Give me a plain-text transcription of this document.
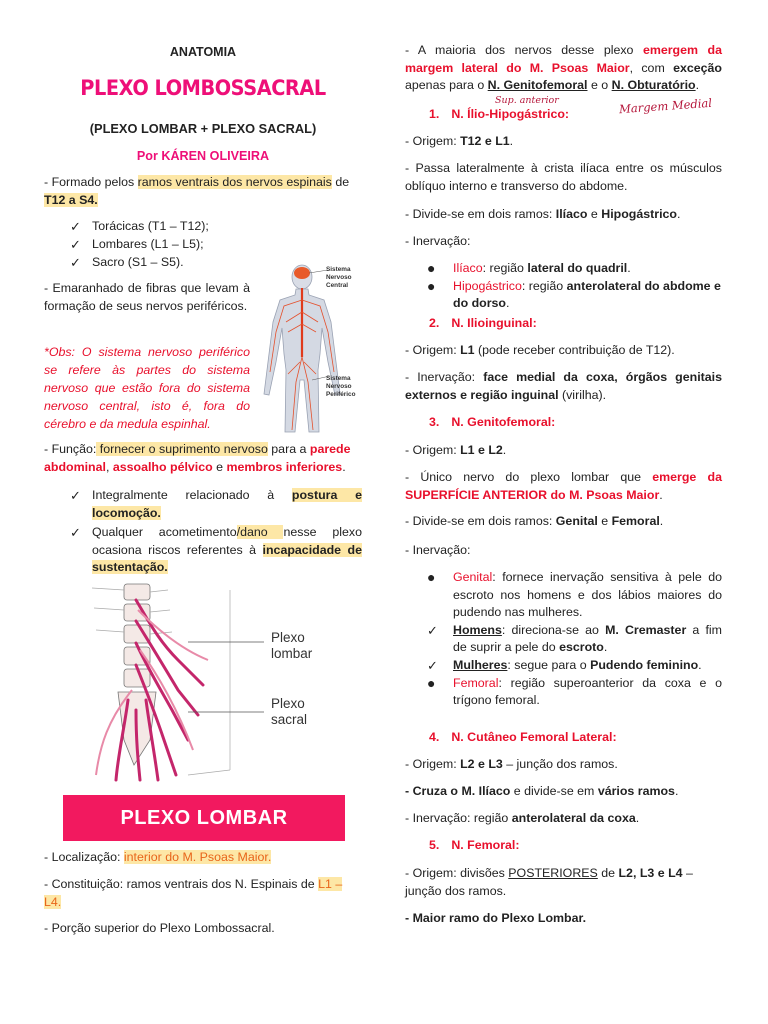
ANATOMIA
PLEXO LOMBOSSACRAL
(PLEXO LOMBAR + PLEXO SACRAL)
Por KÁREN OLIVEIRA
- Formado pelos ramos ventrais dos nervos espinais de
T12 a S4.
✓ Torácicas (T1 – T12);
✓ Lombares (L1 – L5);
✓ Sacro (S1 – S5).

- Emaranhado de fibras que levam à formação de seus nervos periféricos.

*Obs: O sistema nervoso periférico se refere às partes do sistema nervoso que estão fora do sistema nervoso central, isto é, fora do cérebro e da medula espinhal.

Sistema Nervoso Central
Sistema Nervoso Periférico
- Função: fornecer o suprimento nervoso para a parede abdominal, assoalho pélvico e membros inferiores.
✓ Integralmente relacionado à postura e locomoção.
✓ Qualquer acometimento/dano nesse plexo ocasiona riscos referentes à incapacidade de sustentação.
Plexo lombar
Plexo sacral
PLEXO LOMBAR
- Localização: interior do M. Psoas Maior.
- Constituição: ramos ventrais dos N. Espinais de L1 – L4.

- Porção superior do Plexo Lombossacral.

- A maioria dos nervos desse plexo emergem da margem lateral do M. Psoas Maior, com exceção apenas para o N. Genitofemoral e o N. Obturatório.
Sup. anterior	Margem Medial
1. N. Ílio-Hipogástrico:
- Origem: T12 e L1.

- Passa lateralmente à crista ilíaca entre os músculos oblíquo interno e transverso do abdome.

- Divide-se em dois ramos: Ilíaco e Hipogástrico.
- Inervação:
● Ilíaco: região lateral do quadril.
● Hipogástrico: região anterolateral do abdome e do dorso.
2. N. Ilioinguinal:
- Origem: L1 (pode receber contribuição de T12).
- Inervação: face medial da coxa, órgãos genitais externos e região inguinal (virilha).
3. N. Genitofemoral:
- Origem: L1 e L2.
- Único nervo do plexo lombar que emerge da SUPERFÍCIE ANTERIOR do M. Psoas Maior.
- Divide-se em dois ramos: Genital e Femoral.
- Inervação:
● Genital: fornece inervação sensitiva à pele do escroto nos homens e dos lábios maiores do pudendo nas mulheres.
✓ Homens: direciona-se ao M. Cremaster a fim de suprir a pele do escroto.
✓ Mulheres: segue para o Pudendo feminino.
● Femoral: região superoanterior da coxa e o trígono femoral.
4. N. Cutâneo Femoral Lateral:
- Origem: L2 e L3 – junção dos ramos.
- Cruza o M. Ilíaco e divide-se em vários ramos.
- Inervação: região anterolateral da coxa.
5. N. Femoral:
- Origem: divisões POSTERIORES de L2, L3 e L4 – junção dos ramos.
- Maior ramo do Plexo Lombar.
